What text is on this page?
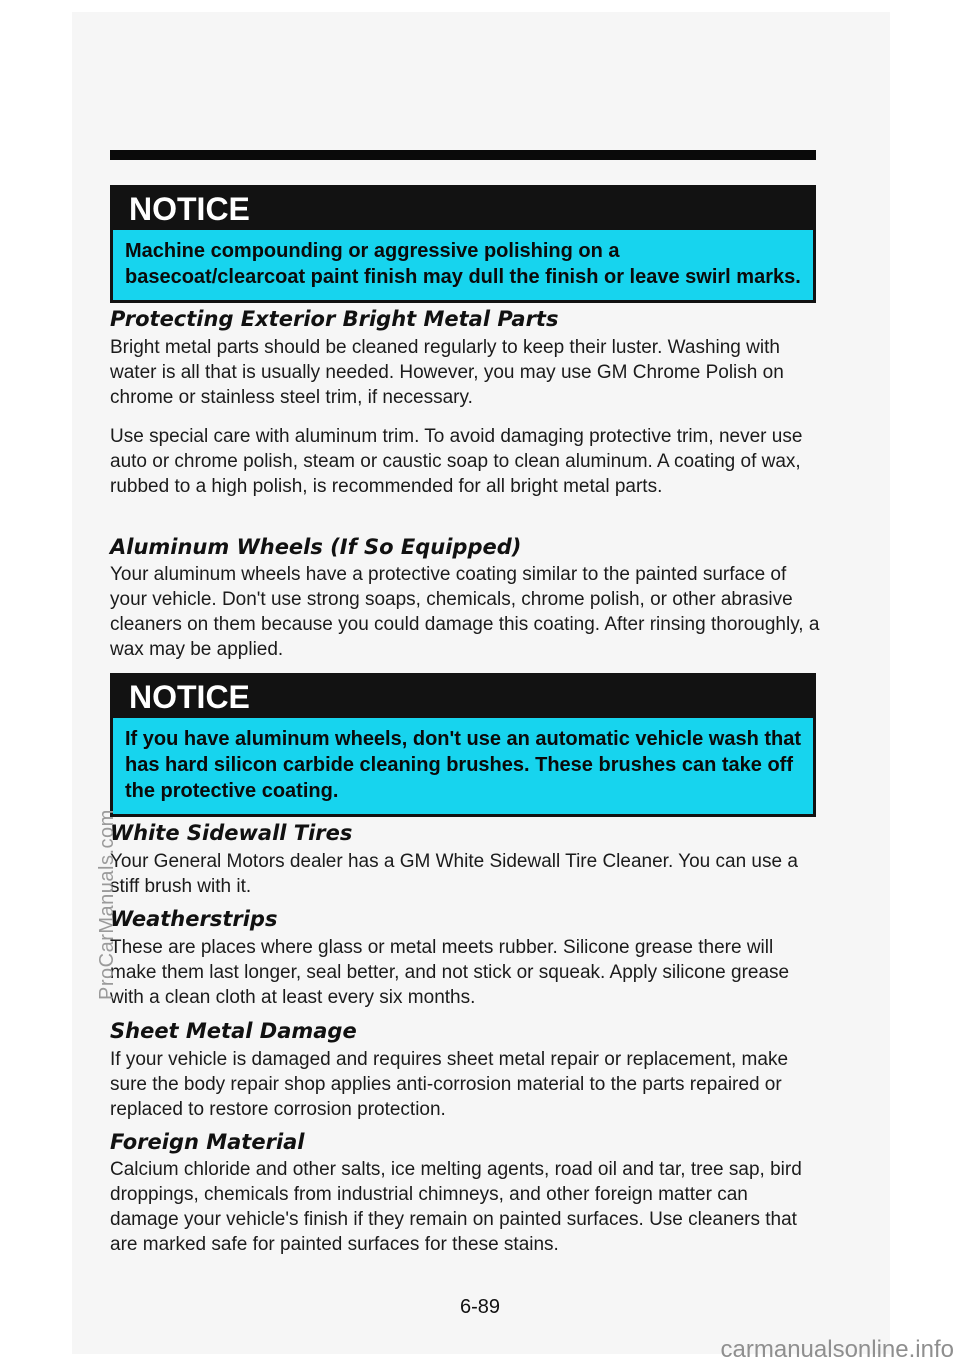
NOTICE
Machine compounding or aggressive polishing on a basecoat/clearcoat paint finish may dull the finish or leave swirl marks.
Protecting Exterior Bright Metal Parts

Bright metal parts should be cleaned regularly to keep their luster. Washing with water is all that is usually needed. However, you may use GM Chrome Polish on chrome or stainless steel trim, if necessary.

Use special care with aluminum trim. To avoid damaging protective trim, never use auto or chrome polish, steam or caustic soap to clean aluminum. A coating of wax, rubbed to a high polish, is recommended for all bright metal parts.

Aluminum Wheels (If So Equipped)

Your aluminum wheels have a protective coating similar to the painted surface of your vehicle. Don't use strong soaps, chemicals, chrome polish, or other abrasive cleaners on them because you could damage this coating. After rinsing thoroughly, a wax may be applied.

NOTICE
If you have aluminum wheels, don't use an automatic vehicle wash that has hard silicon carbide cleaning brushes. These brushes can take off the protective coating.
White Sidewall Tires

Your General Motors dealer has a GM White Sidewall Tire Cleaner. You can use a stiff brush with it.

Weatherstrips

These are places where glass or metal meets rubber. Silicone grease there will make them last longer, seal better, and not stick or squeak. Apply silicone grease with a clean cloth at least every six months.

Sheet Metal Damage

If your vehicle is damaged and requires sheet metal repair or replacement, make sure the body repair shop applies anti-corrosion material to the parts repaired or replaced to restore corrosion protection.

Foreign Material

Calcium chloride and other salts, ice melting agents, road oil and tar, tree sap, bird droppings, chemicals from industrial chimneys, and other foreign matter can damage your vehicle's finish if they remain on painted surfaces. Use cleaners that are marked safe for painted surfaces for these stains.

6-89
ProCarManuals.com
carmanualsonline.info
